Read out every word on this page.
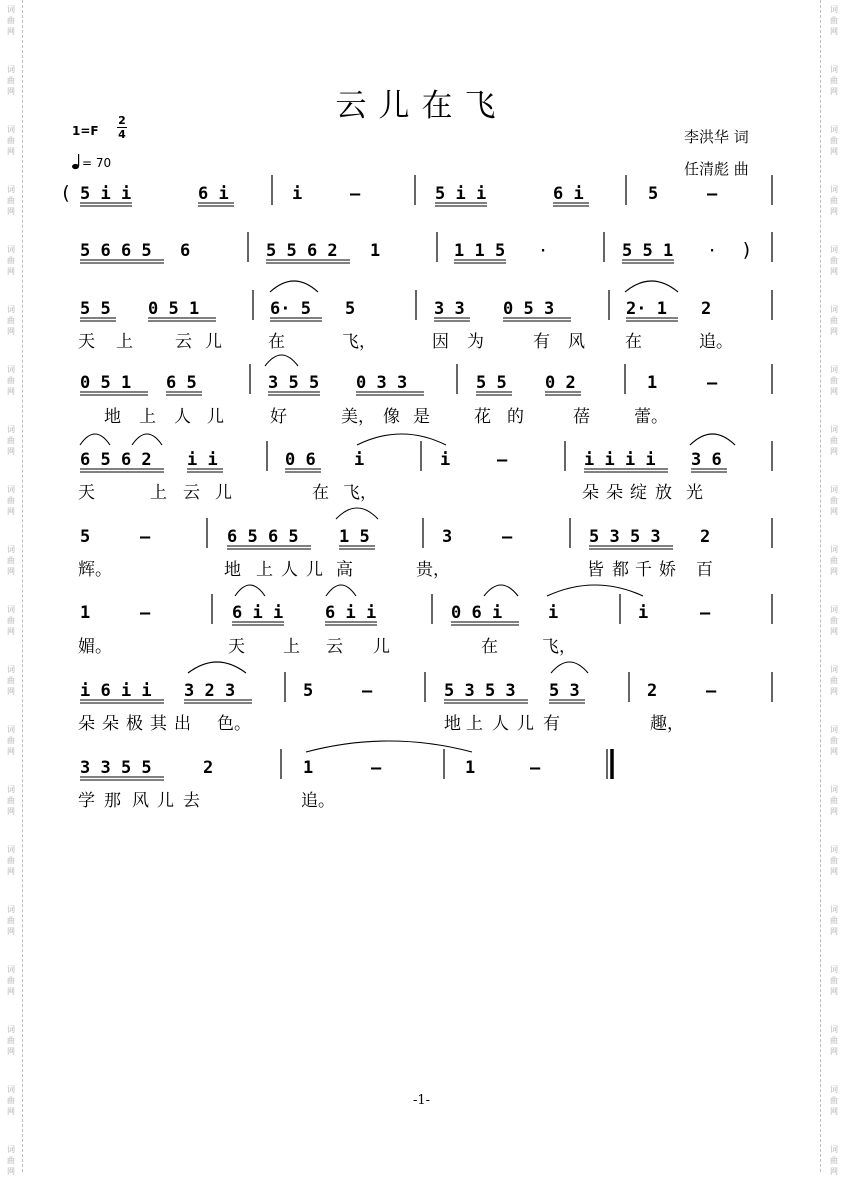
词
曲
网
词
曲
网
词
曲
网
词
曲
网
词
曲
网
词
曲
网
词
曲
网
词
曲
网
词
曲
网
词
曲
网
词
曲
网
词
曲
网
词
曲
网
词
曲
网
词
曲
网
词
曲
网
词
曲
网
词
曲
网
词
曲
网
词
曲
网
词
曲
网
词
曲
网
词
曲
网
词
曲
网
词
曲
网
词
曲
网
词
曲
网
词
曲
网
词
曲
网
词
曲
网
词
曲
网
词
曲
网
词
曲
网
词
曲
网
词
曲
网
词
曲
网
词
曲
网
词
曲
网
词
曲
网
词
曲
网
云儿在飞
1=F
2
4
= 70
李洪华 词
任清彪 曲
( 5 i i	6 i	i	–	5 i i	6 i	5	–
5 6 6 5 6	5 5 6 2 1	1 1 5 ·	5 5 1 · )
5 5 0 5 1	6· 5 5	3 3 0 5 3	2· 1 2
天 上 云 儿	在	飞，	因 为	有 风 在	追。
0 5 1 6 5	3 5 5 0 3 3	5 5 0 2	1	–
地 上 人 儿	好	美， 像 是	花 的	蓓	蕾。
6 5 6 2 i i	0 6 i	i	–	i i i i 3 6
天	上 云 儿	在 飞，	朵 朵 绽 放 光
5	–	6 5 6 5 1 5	3	–	5 3 5 3 2
辉。	地 上 人 儿 高	贵，	皆 都 千 娇 百
1	–	6 i i 6 i i	0 6 i	i	i	–
媚。	天 上 云 儿	在	飞，
i 6 i i 3 2 3	5	–	5 3 5 3 5 3	2	–
朵 朵 极 其 出 色。	地 上 人 儿 有	趣，
3 3 5 5	2	1	–	1	–
学 那 风 儿 去	追。
-1-
